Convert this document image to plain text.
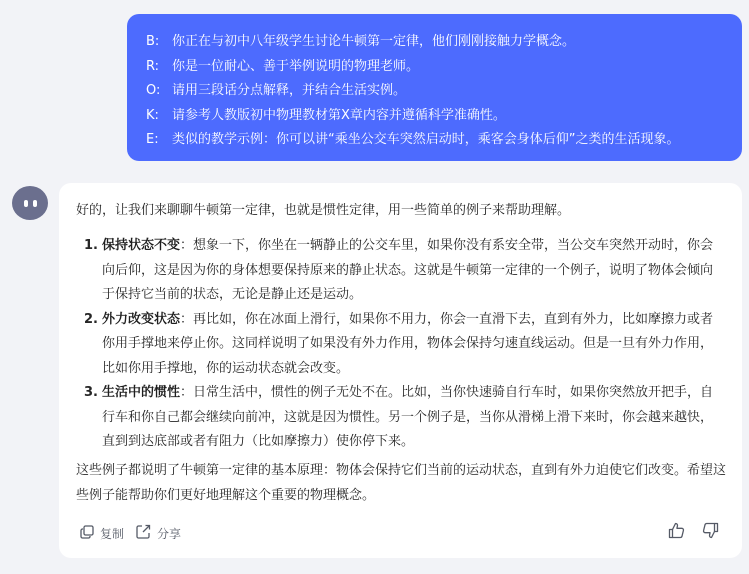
B: 你正在与初中八年级学生讨论牛顿第一定律，他们刚刚接触力学概念。
R: 你是一位耐心、善于举例说明的物理老师。
O: 请用三段话分点解释，并结合生活实例。
K: 请参考人教版初中物理教材第X章内容并遵循科学准确性。
E: 类似的教学示例：你可以讲“乘坐公交车突然启动时，乘客会身体后仰”之类的生活现象。
好的，让我们来聊聊牛顿第一定律，也就是惯性定律，用一些简单的例子来帮助理解。
1. 保持状态不变：想象一下，你坐在一辆静止的公交车里，如果你没有系安全带，当公交车突然开动时，你会向后仰，这是因为你的身体想要保持原来的静止状态。这就是牛顿第一定律的一个例子，说明了物体会倾向于保持它当前的状态，无论是静止还是运动。
2. 外力改变状态：再比如，你在冰面上滑行，如果你不用力，你会一直滑下去，直到有外力，比如摩擦力或者你用手撑地来停止你。这同样说明了如果没有外力作用，物体会保持匀速直线运动。但是一旦有外力作用，比如你用手撑地，你的运动状态就会改变。
3. 生活中的惯性：日常生活中，惯性的例子无处不在。比如，当你快速骑自行车时，如果你突然放开把手，自行车和你自己都会继续向前冲，这就是因为惯性。另一个例子是，当你从滑梯上滑下来时，你会越来越快，直到到达底部或者有阻力（比如摩擦力）使你停下来。
这些例子都说明了牛顿第一定律的基本原理：物体会保持它们当前的运动状态，直到有外力迫使它们改变。希望这些例子能帮助你们更好地理解这个重要的物理概念。
复制	分享
